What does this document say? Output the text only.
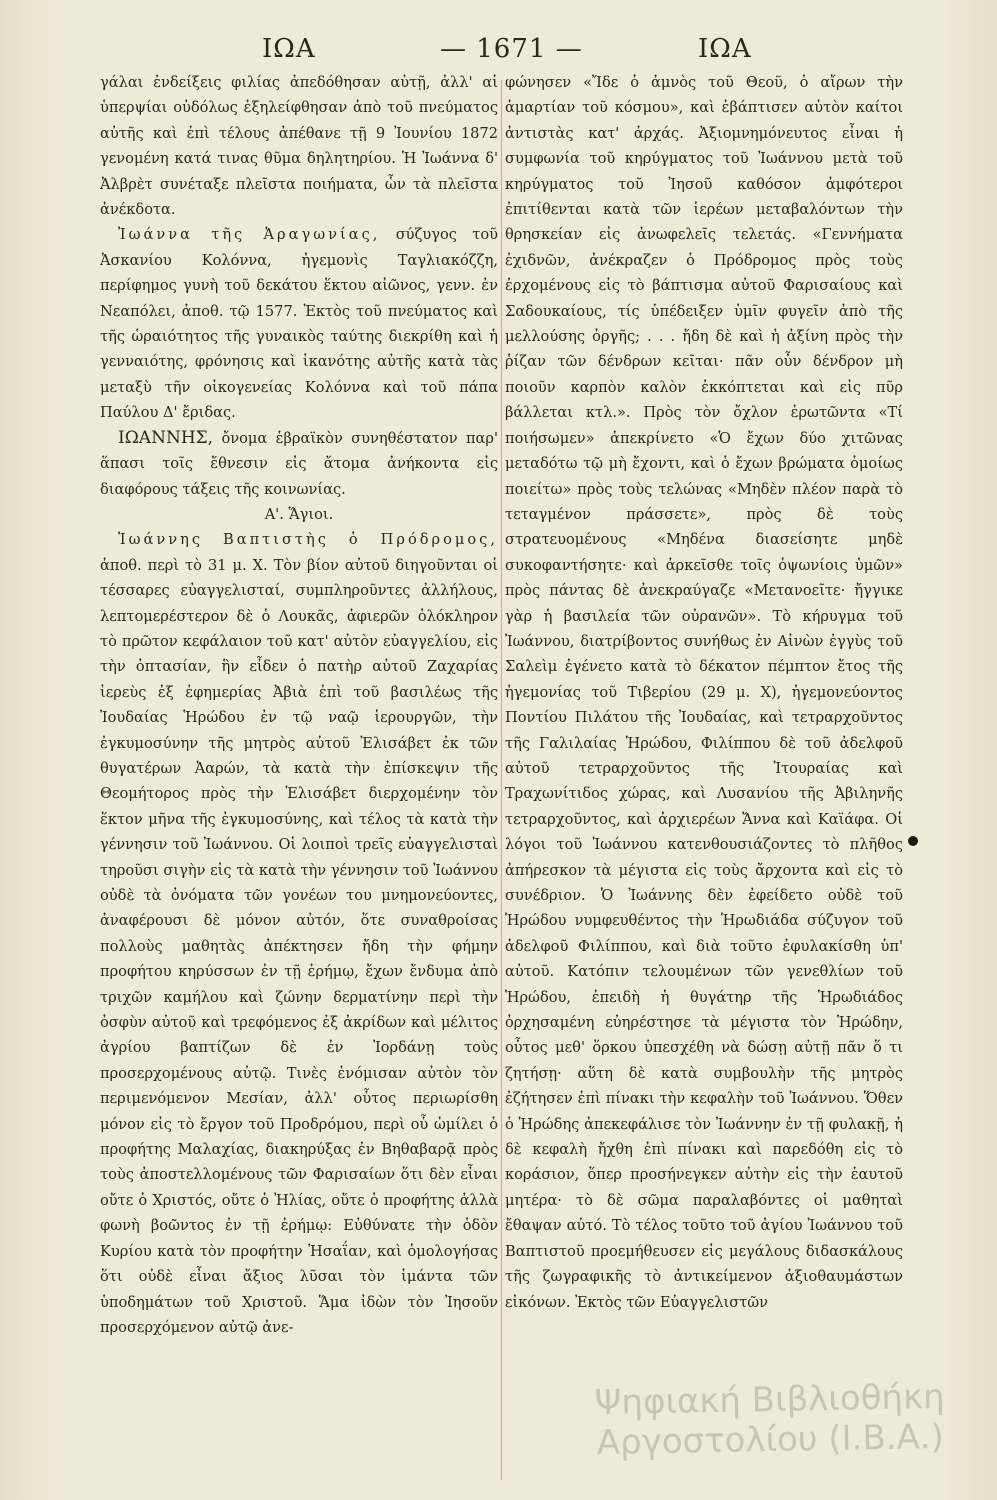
ΙΩΑ	— 1671 —	ΙΩΑ

γάλαι ἐνδείξεις φιλίας ἀπεδόθησαν αὐτῇ, ἀλλ' αἱ ὑπερψίαι οὐδόλως ἐξηλείφθησαν ἀπὸ τοῦ πνεύματος αὐτῆς καὶ ἐπὶ τέλους ἀπέθανε τῇ 9 Ἰουνίου 1872 γενομένη κατά τινας θῦμα δηλητηρίου. Ἡ Ἰωάννα δ' Ἀλβρὲτ συνέταξε πλεῖστα ποιήματα, ὧν τὰ πλεῖστα ἀνέκδοτα.

Ἰωάννα τῆς Ἀραγωνίας, σύζυγος τοῦ Ἀσκανίου Κολόννα, ἡγεμονὶς Ταγλιακόζζη, περίφημος γυνὴ τοῦ δεκάτου ἕκτου αἰῶνος, γενν. ἐν Νεαπόλει, ἀποθ. τῷ 1577. Ἐκτὸς τοῦ πνεύματος καὶ τῆς ὡραιότητος τῆς γυναικὸς ταύτης διεκρίθη καὶ ἡ γενναιότης, φρόνησις καὶ ἱκανότης αὐτῆς κατὰ τὰς μεταξὺ τῆν οἰκογενείας Κολόννα καὶ τοῦ πάπα Παύλου Δ' ἔριδας.

ΙΩΑΝΝΗΣ, ὄνομα ἑβραϊκὸν συνηθέστατον παρ' ἅπασι τοῖς ἔθνεσιν εἰς ἄτομα ἀνήκοντα εἰς διαφόρους τάξεις τῆς κοινωνίας.

Α'. Ἅγιοι.

Ἰωάννης Βαπτιστὴς ὁ Πρόδρομος, ἀποθ. περὶ τὸ 31 μ. Χ. Τὸν βίον αὐτοῦ διηγοῦνται οἱ τέσσαρες εὐαγγελισταί, συμπληροῦντες ἀλλήλους, λεπτομερέστερον δὲ ὁ Λουκᾶς, ἀφιερῶν ὁλόκληρον τὸ πρῶτον κεφάλαιον τοῦ κατ' αὐτὸν εὐαγγελίου, εἰς τὴν ὀπτασίαν, ἣν εἶδεν ὁ πατὴρ αὐτοῦ Ζαχαρίας ἱερεὺς ἐξ ἐφημερίας Ἀβιὰ ἐπὶ τοῦ βασιλέως τῆς Ἰουδαίας Ἡρώδου ἐν τῷ ναῷ ἱερουργῶν, τὴν ἐγκυμοσύνην τῆς μητρὸς αὐτοῦ Ἐλισάβετ ἐκ τῶν θυγατέρων Ἀαρών, τὰ κατὰ τὴν ἐπίσκεψιν τῆς Θεομήτορος πρὸς τὴν Ἐλισάβετ διερχομένην τὸν ἕκτον μῆνα τῆς ἐγκυμοσύνης, καὶ τέλος τὰ κατὰ τὴν γέννησιν τοῦ Ἰωάννου. Οἱ λοιποὶ τρεῖς εὐαγγελισταὶ τηροῦσι σιγὴν εἰς τὰ κατὰ τὴν γέννησιν τοῦ Ἰωάννου οὐδὲ τὰ ὀνόματα τῶν γονέων του μνημονεύοντες, ἀναφέρουσι δὲ μόνον αὐτόν, ὅτε συναθροίσας πολλοὺς μαθητὰς ἀπέκτησεν ἤδη τὴν φήμην προφήτου κηρύσσων ἐν τῇ ἐρήμῳ, ἔχων ἔνδυμα ἀπὸ τριχῶν καμήλου καὶ ζώνην δερματίνην περὶ τὴν ὀσφὺν αὐτοῦ καὶ τρεφόμενος ἐξ ἀκρίδων καὶ μέλιτος ἀγρίου βαπτίζων δὲ ἐν Ἰορδάνῃ τοὺς προσερχομένους αὐτῷ. Τινὲς ἐνόμισαν αὐτὸν τὸν περιμενόμενον Μεσίαν, ἀλλ' οὗτος περιωρίσθη μόνον εἰς τὸ ἔργον τοῦ Προδρόμου, περὶ οὗ ὡμίλει ὁ προφήτης Μαλαχίας, διακηρύξας ἐν Βηθαβαρᾷ πρὸς τοὺς ἀποστελλομένους τῶν Φαρισαίων ὅτι δὲν εἶναι οὔτε ὁ Χριστός, οὔτε ὁ Ἠλίας, οὔτε ὁ προφήτης ἀλλὰ φωνὴ βοῶντος ἐν τῇ ἐρήμῳ: Εὐθύνατε τὴν ὁδὸν Κυρίου κατὰ τὸν προφήτην Ἡσαΐαν, καὶ ὁμολογήσας ὅτι οὐδὲ εἶναι ἄξιος λῦσαι τὸν ἱμάντα τῶν ὑποδημάτων τοῦ Χριστοῦ. Ἅμα ἰδὼν τὸν Ἰησοῦν προσερχόμενον αὐτῷ ἀνε-

φώνησεν «Ἴδε ὁ ἀμνὸς τοῦ Θεοῦ, ὁ αἴρων τὴν ἁμαρτίαν τοῦ κόσμου», καὶ ἐβάπτισεν αὐτὸν καίτοι ἀντιστὰς κατ' ἀρχάς. Ἀξιομνημόνευτος εἶναι ἡ συμφωνία τοῦ κηρύγματος τοῦ Ἰωάννου μετὰ τοῦ κηρύγματος τοῦ Ἰησοῦ καθόσον ἀμφότεροι ἐπιτίθενται κατὰ τῶν ἱερέων μεταβαλόντων τὴν θρησκείαν εἰς ἀνωφελεῖς τελετάς. «Γεννήματα ἐχιδνῶν, ἀνέκραζεν ὁ Πρόδρομος πρὸς τοὺς ἐρχομένους εἰς τὸ βάπτισμα αὐτοῦ Φαρισαίους καὶ Σαδουκαίους, τίς ὑπέδειξεν ὑμῖν φυγεῖν ἀπὸ τῆς μελλούσης ὀργῆς; . . . ἤδη δὲ καὶ ἡ ἀξίνη πρὸς τὴν ῥίζαν τῶν δένδρων κεῖται· πᾶν οὖν δένδρον μὴ ποιοῦν καρπὸν καλὸν ἐκκόπτεται καὶ εἰς πῦρ βάλλεται κτλ.». Πρὸς τὸν ὄχλον ἐρωτῶντα «Τί ποιήσωμεν» ἀπεκρίνετο «Ὁ ἔχων δύο χιτῶνας μεταδότω τῷ μὴ ἔχοντι, καὶ ὁ ἔχων βρώματα ὁμοίως ποιείτω» πρὸς τοὺς τελώνας «Μηδὲν πλέον παρὰ τὸ τεταγμένον πράσσετε», πρὸς δὲ τοὺς στρατευομένους «Μηδένα διασείσητε μηδὲ συκοφαντήσητε· καὶ ἀρκεῖσθε τοῖς ὀψωνίοις ὑμῶν» πρὸς πάντας δὲ ἀνεκραύγαζε «Μετανοεῖτε· ἤγγικε γὰρ ἡ βασιλεία τῶν οὐρανῶν». Τὸ κήρυγμα τοῦ Ἰωάννου, διατρίβοντος συνήθως ἐν Αἰνὼν ἐγγὺς τοῦ Σαλεὶμ ἐγένετο κατὰ τὸ δέκατον πέμπτον ἔτος τῆς ἡγεμονίας τοῦ Τιβερίου (29 μ. Χ), ἡγεμονεύοντος Ποντίου Πιλάτου τῆς Ἰουδαίας, καὶ τετραρχοῦντος τῆς Γαλιλαίας Ἡρώδου, Φιλίππου δὲ τοῦ ἀδελφοῦ αὐτοῦ τετραρχοῦντος τῆς Ἰτουραίας καὶ Τραχωνίτιδος χώρας, καὶ Λυσανίου τῆς Ἀβιληνῆς τετραρχοῦντος, καὶ ἀρχιερέων Ἄννα καὶ Καϊάφα. Οἱ λόγοι τοῦ Ἰωάννου κατενθουσιάζοντες τὸ πλῆθος ἀπήρεσκον τὰ μέγιστα εἰς τοὺς ἄρχοντα καὶ εἰς τὸ συνέδριον. Ὁ Ἰωάννης δὲν ἐφείδετο οὐδὲ τοῦ Ἡρώδου νυμφευθέντος τὴν Ἡρωδιάδα σύζυγον τοῦ ἀδελφοῦ Φιλίππου, καὶ διὰ τοῦτο ἐφυλακίσθη ὑπ' αὐτοῦ. Κατόπιν τελουμένων τῶν γενεθλίων τοῦ Ἡρώδου, ἐπειδὴ ἡ θυγάτηρ τῆς Ἡρωδιάδος ὀρχησαμένη εὐηρέστησε τὰ μέγιστα τὸν Ἡρώδην, οὗτος μεθ' ὅρκου ὑπεσχέθη νὰ δώσῃ αὐτῇ πᾶν ὅ τι ζητήσῃ· αὕτη δὲ κατὰ συμβουλὴν τῆς μητρὸς ἐζήτησεν ἐπὶ πίνακι τὴν κεφαλὴν τοῦ Ἰωάννου. Ὅθεν ὁ Ἡρώδης ἀπεκεφάλισε τὸν Ἰωάννην ἐν τῇ φυλακῇ, ἡ δὲ κεφαλὴ ἤχθη ἐπὶ πίνακι καὶ παρεδόθη εἰς τὸ κοράσιον, ὅπερ προσήνεγκεν αὐτὴν εἰς τὴν ἑαυτοῦ μητέρα· τὸ δὲ σῶμα παραλαβόντες οἱ μαθηταὶ ἔθαψαν αὐτό. Τὸ τέλος τοῦτο τοῦ ἁγίου Ἰωάννου τοῦ Βαπτιστοῦ προεμήθευσεν εἰς μεγάλους διδασκάλους τῆς ζωγραφικῆς τὸ ἀντικείμενον ἀξιοθαυμάστων εἰκόνων. Ἐκτὸς τῶν Εὐαγγελιστῶν

Ψηφιακή Βιβλιοθήκη Αργοστολίου (Ι.Β.Α.)
